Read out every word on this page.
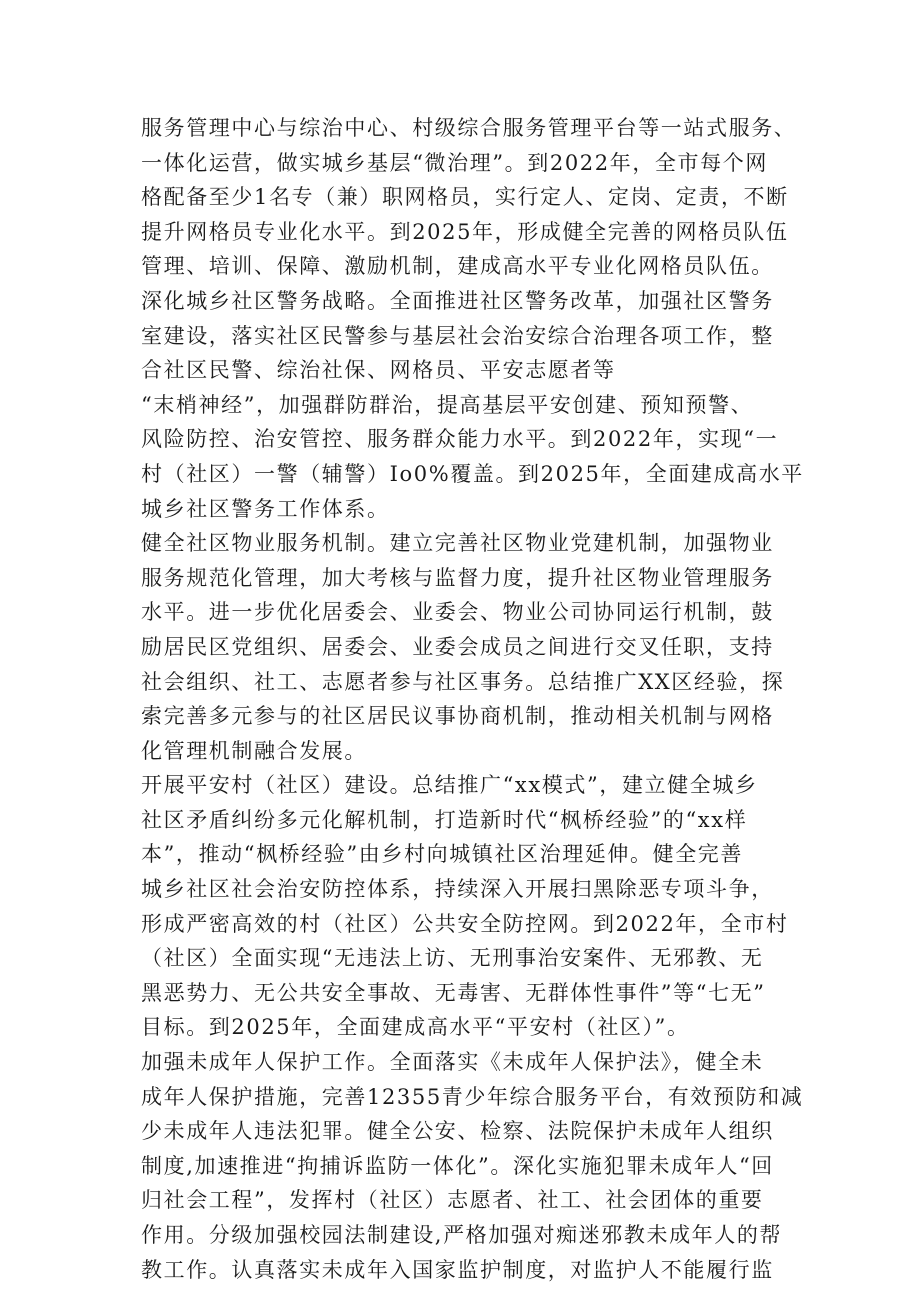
服务管理中心与综治中心、村级综合服务管理平台等一站式服务、
一体化运营，做实城乡基层“微治理”。到2022年，全市每个网
格配备至少1名专（兼）职网格员，实行定人、定岗、定责，不断
提升网格员专业化水平。到2025年，形成健全完善的网格员队伍
管理、培训、保障、激励机制，建成高水平专业化网格员队伍。
深化城乡社区警务战略。全面推进社区警务改革，加强社区警务
室建设，落实社区民警参与基层社会治安综合治理各项工作，整
合社区民警、综治社保、网格员、平安志愿者等
“末梢神经”，加强群防群治，提高基层平安创建、预知预警、
风险防控、治安管控、服务群众能力水平。到2022年，实现“一
村（社区）一警（辅警）Io0%覆盖。到2025年，全面建成高水平
城乡社区警务工作体系。
健全社区物业服务机制。建立完善社区物业党建机制，加强物业
服务规范化管理，加大考核与监督力度，提升社区物业管理服务
水平。进一步优化居委会、业委会、物业公司协同运行机制，鼓
励居民区党组织、居委会、业委会成员之间进行交叉任职，支持
社会组织、社工、志愿者参与社区事务。总结推广XX区经验，探
索完善多元参与的社区居民议事协商机制，推动相关机制与网格
化管理机制融合发展。
开展平安村（社区）建设。总结推广“xx模式”，建立健全城乡
社区矛盾纠纷多元化解机制，打造新时代“枫桥经验”的“xx样
本”，推动“枫桥经验”由乡村向城镇社区治理延伸。健全完善
城乡社区社会治安防控体系，持续深入开展扫黑除恶专项斗争，
形成严密高效的村（社区）公共安全防控网。到2022年，全市村
（社区）全面实现“无违法上访、无刑事治安案件、无邪教、无
黑恶势力、无公共安全事故、无毒害、无群体性事件”等“七无”
目标。到2025年，全面建成高水平“平安村（社区）”。
加强未成年人保护工作。全面落实《未成年人保护法》，健全未
成年人保护措施，完善12355青少年综合服务平台，有效预防和减
少未成年人违法犯罪。健全公安、检察、法院保护未成年人组织
制度,加速推进“拘捕诉监防一体化”。深化实施犯罪未成年人“回
归社会工程”，发挥村（社区）志愿者、社工、社会团体的重要
作用。分级加强校园法制建设,严格加强对痴迷邪教未成年人的帮
教工作。认真落实未成年入国家监护制度，对监护人不能履行监
